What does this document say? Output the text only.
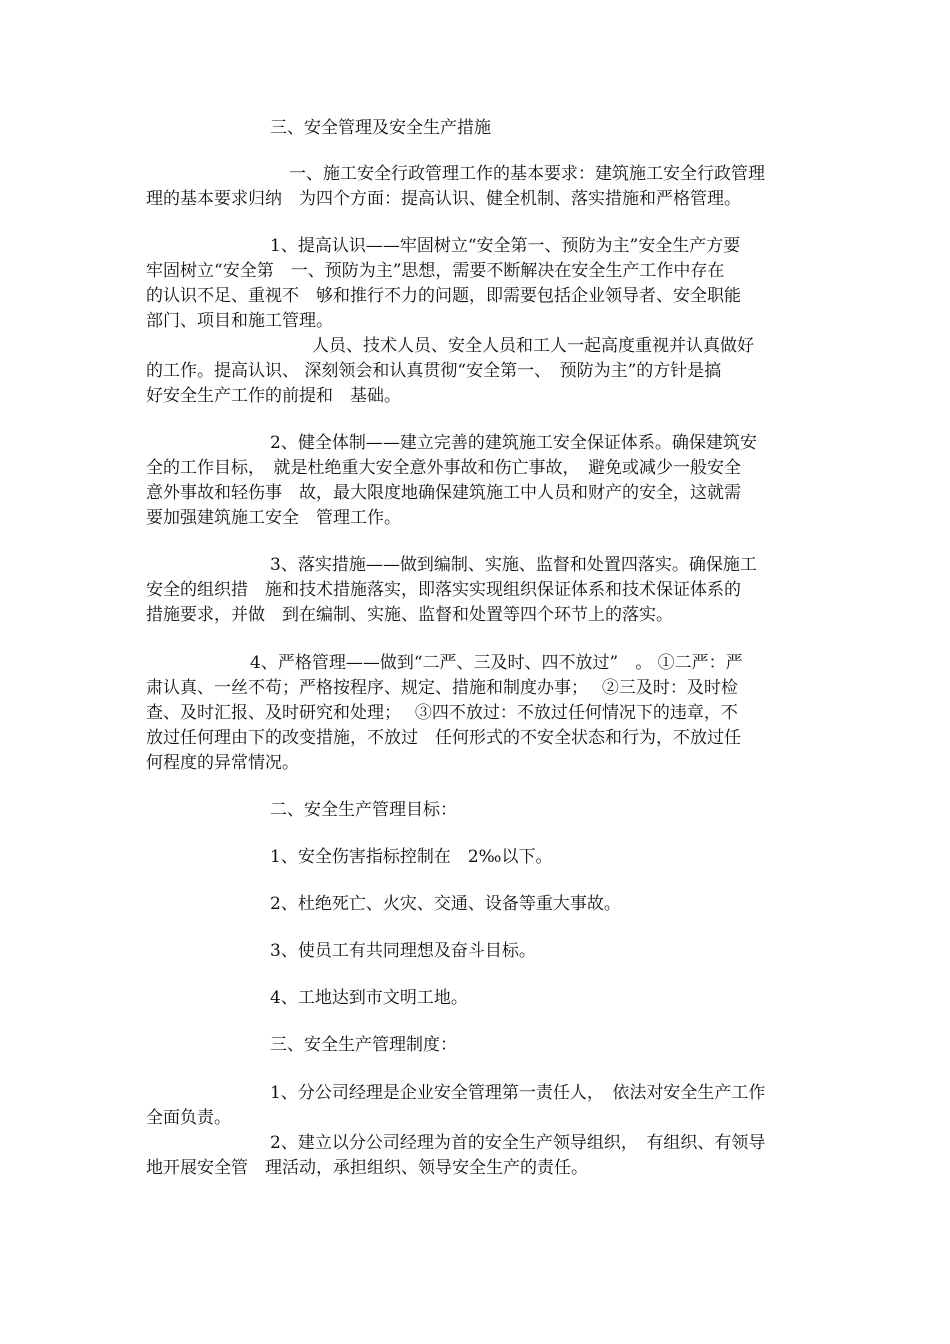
三、安全管理及安全生产措施
一、施工安全行政管理工作的基本要求：建筑施工安全行政管理
理的基本要求归纳　为四个方面：提高认识、健全机制、落实措施和严格管理。
1、提高认识——牢固树立“安全第一、预防为主”安全生产方要
牢固树立“安全第　一、预防为主”思想，需要不断解决在安全生产工作中存在
的认识不足、重视不　够和推行不力的问题，即需要包括企业领导者、安全职能
部门、项目和施工管理。
人员、技术人员、安全人员和工人一起高度重视并认真做好
的工作。提高认识、 深刻领会和认真贯彻“安全第一、　预防为主”的方针是搞
好安全生产工作的前提和　基础。
2、健全体制——建立完善的建筑施工安全保证体系。确保建筑安
全的工作目标，　就是杜绝重大安全意外事故和伤亡事故，　避免或减少一般安全
意外事故和轻伤事　故，最大限度地确保建筑施工中人员和财产的安全，这就需
要加强建筑施工安全　管理工作。
3、落实措施——做到编制、实施、监督和处置四落实。确保施工
安全的组织措　施和技术措施落实，即落实实现组织保证体系和技术保证体系的
措施要求，并做　到在编制、实施、监督和处置等四个环节上的落实。
4、严格管理——做到“二严、三及时、四不放过”　。 ①二严：严
肃认真、一丝不苟；严格按程序、规定、措施和制度办事；　 ②三及时：及时检
查、及时汇报、及时研究和处理；　 ③四不放过：不放过任何情况下的违章，不
放过任何理由下的改变措施，不放过　任何形式的不安全状态和行为，不放过任
何程度的异常情况。
二、安全生产管理目标：
1、安全伤害指标控制在　2‰以下。
2、杜绝死亡、火灾、交通、设备等重大事故。
3、使员工有共同理想及奋斗目标。
4、工地达到市文明工地。
三、安全生产管理制度：
1、分公司经理是企业安全管理第一责任人，　依法对安全生产工作
全面负责。
2、建立以分公司经理为首的安全生产领导组织，　有组织、有领导
地开展安全管　理活动，承担组织、领导安全生产的责任。
